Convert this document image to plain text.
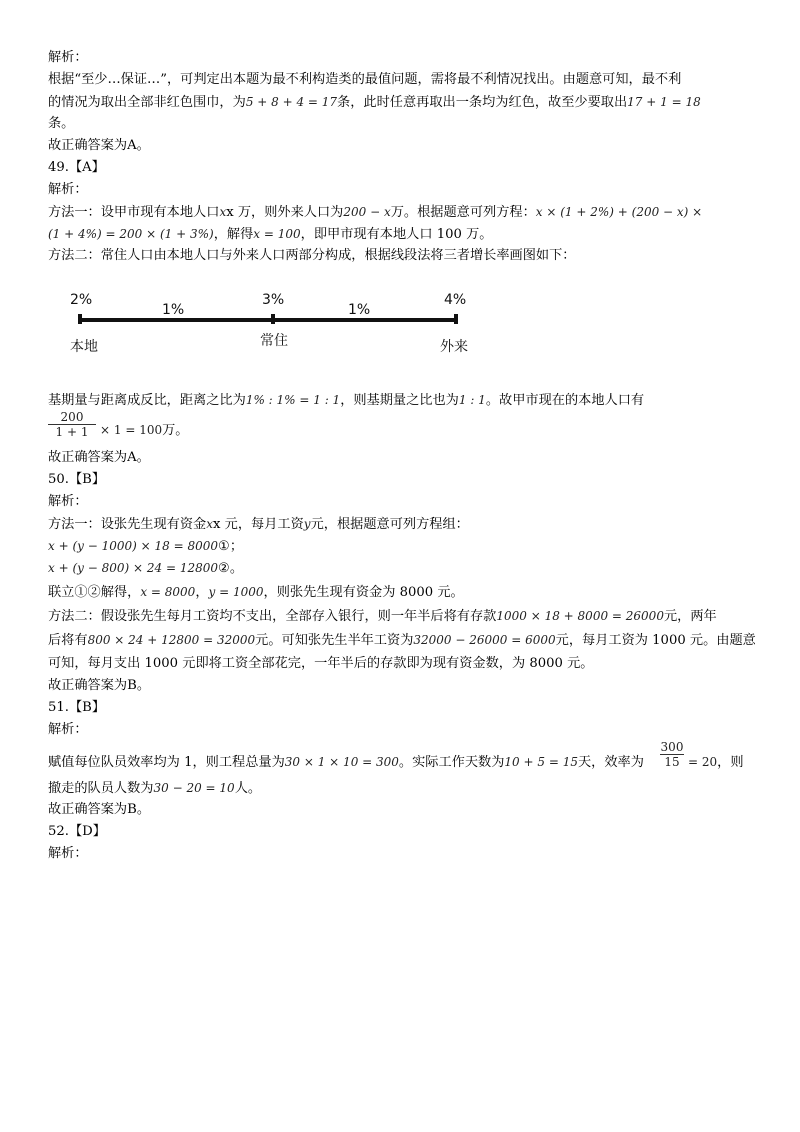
解析：
根据“至少…保证…”，可判定出本题为最不利构造类的最值问题，需将最不利情况找出。由题意可知，最不利
的情况为取出全部非红色围巾，为5 + 8 + 4 = 17条，此时任意再取出一条均为红色，故至少要取出17 + 1 = 18
条。
故正确答案为A。
49.【A】
解析：
方法一：设甲市现有本地人口xx 万，则外来人口为200 − x万。根据题意可列方程：x × (1 + 2%) + (200 − x) ×
(1 + 4%) = 200 × (1 + 3%)，解得x = 100，即甲市现有本地人口 100 万。
方法二：常住人口由本地人口与外来人口两部分构成，根据线段法将三者增长率画图如下：
基期量与距离成反比，距离之比为1% : 1% = 1 : 1，则基期量之比也为1 : 1。故甲市现在的本地人口有
故正确答案为A。
50.【B】
解析：
方法一：设张先生现有资金xx 元，每月工资y元，根据题意可列方程组：
x + (y − 1000) × 18 = 8000①；
x + (y − 800) × 24 = 12800②。
联立①②解得，x = 8000，y = 1000，则张先生现有资金为 8000 元。
方法二：假设张先生每月工资均不支出，全部存入银行，则一年半后将有存款1000 × 18 + 8000 = 26000元，两年
后将有800 × 24 + 12800 = 32000元。可知张先生半年工资为32000 − 26000 = 6000元，每月工资为 1000 元。由题意
可知，每月支出 1000 元即将工资全部花完，一年半后的存款即为现有资金数，为 8000 元。
故正确答案为B。
51.【B】
解析：
赋值每位队员效率均为 1，则工程总量为30 × 1 × 10 = 300。实际工作天数为10 + 5 = 15天，效率为
撤走的队员人数为30 − 20 = 10人。
故正确答案为B。
52.【D】
解析：
$\frac{200}{1 + 1} \times 1 = 100$万。
2%	3%	4%
1%	1%
本地	常住	外来
$\frac{300}{15} = 20$，则
